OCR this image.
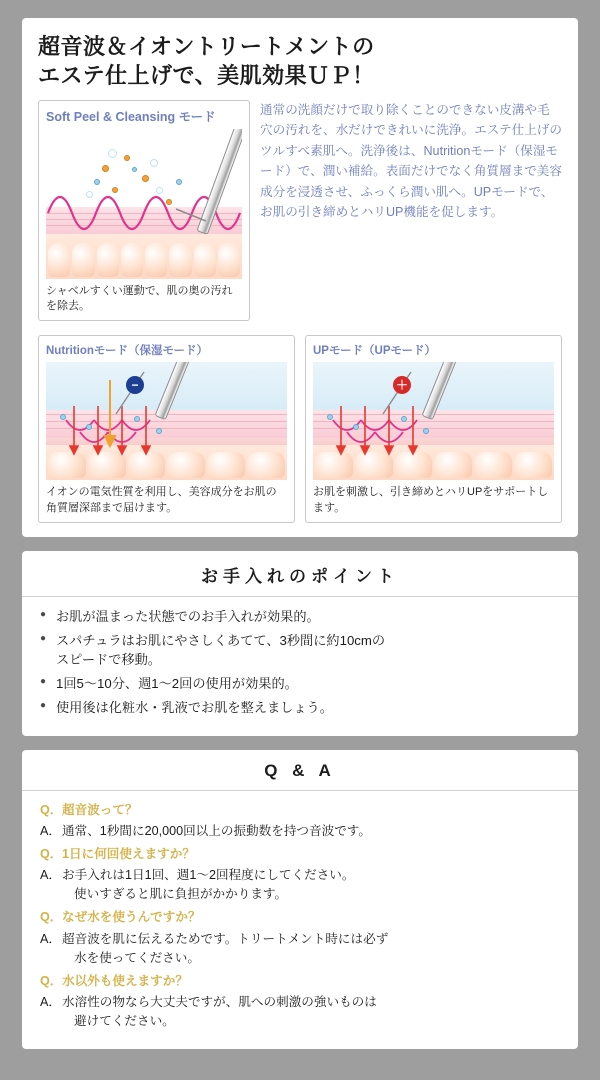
超音波＆イオントリートメントの
エステ仕上げで、美肌効果ＵＰ！
Soft Peel & Cleansing モード
シャベルすくい運動で、肌の奥の汚れを除去。
通常の洗顔だけで取り除くことのできない皮溝や毛穴の汚れを、水だけできれいに洗浄。エステ仕上げのツルすべ素肌へ。洗浄後は、Nutritionモード（保湿モード）で、潤い補給。表面だけでなく角質層まで美容成分を浸透させ、ふっくら潤い肌へ。UPモードで、お肌の引き締めとハリUP機能を促します。
Nutritionモード（保湿モード）
−
イオンの電気性質を利用し、美容成分をお肌の角質層深部まで届けます。
UPモード（UPモード）
＋
お肌を刺激し、引き締めとハリUPをサポートします。
お手入れのポイント
● お肌が温まった状態でのお手入れが効果的。
● スパチュラはお肌にやさしくあてて、3秒間に約10cmの
スピードで移動。
● 1回5〜10分、週1〜2回の使用が効果的。
● 使用後は化粧水・乳液でお肌を整えましょう。
Q & A
Q． 超音波って？
A． 通常、1秒間に20,000回以上の振動数を持つ音波です。
Q． 1日に何回使えますか？
A． お手入れは1日1回、週1〜2回程度にしてください。
使いすぎると肌に負担がかかります。
Q． なぜ水を使うんですか？
A． 超音波を肌に伝えるためです。トリートメント時には必ず
水を使ってください。
Q． 水以外も使えますか？
A． 水溶性の物なら大丈夫ですが、肌への刺激の強いものは
避けてください。
